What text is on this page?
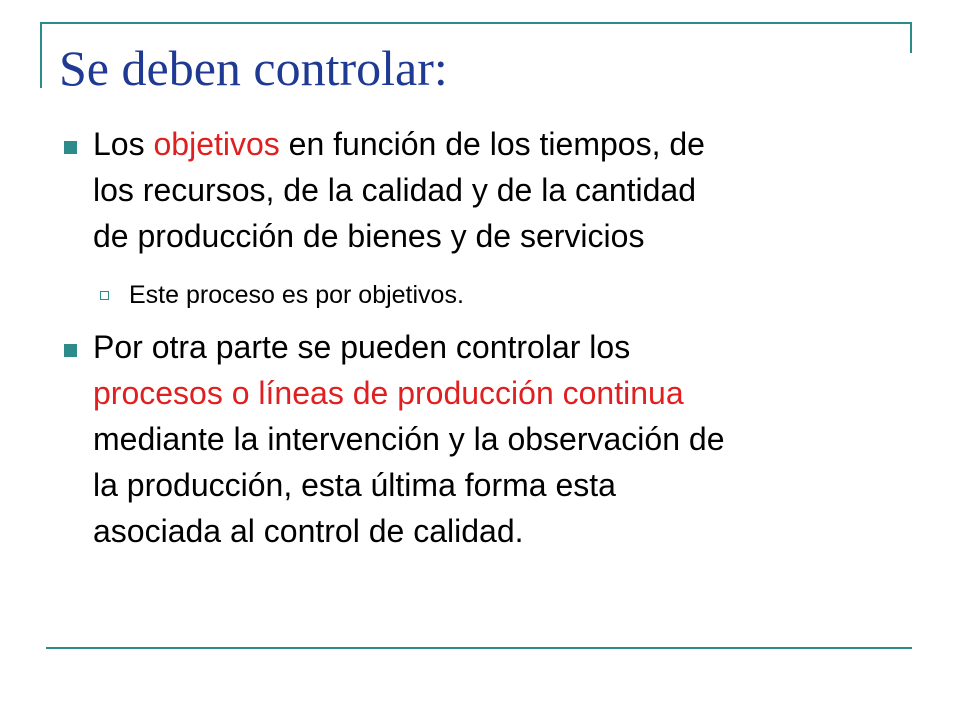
Se deben controlar:

Los objetivos en función de los tiempos, de
los recursos, de la calidad y de la cantidad
de producción de bienes y de servicios

Este proceso es por objetivos.

Por otra parte se pueden controlar los
procesos o líneas de producción continua
mediante la intervención y la observación de
la producción, esta última forma esta
asociada al control de calidad.
